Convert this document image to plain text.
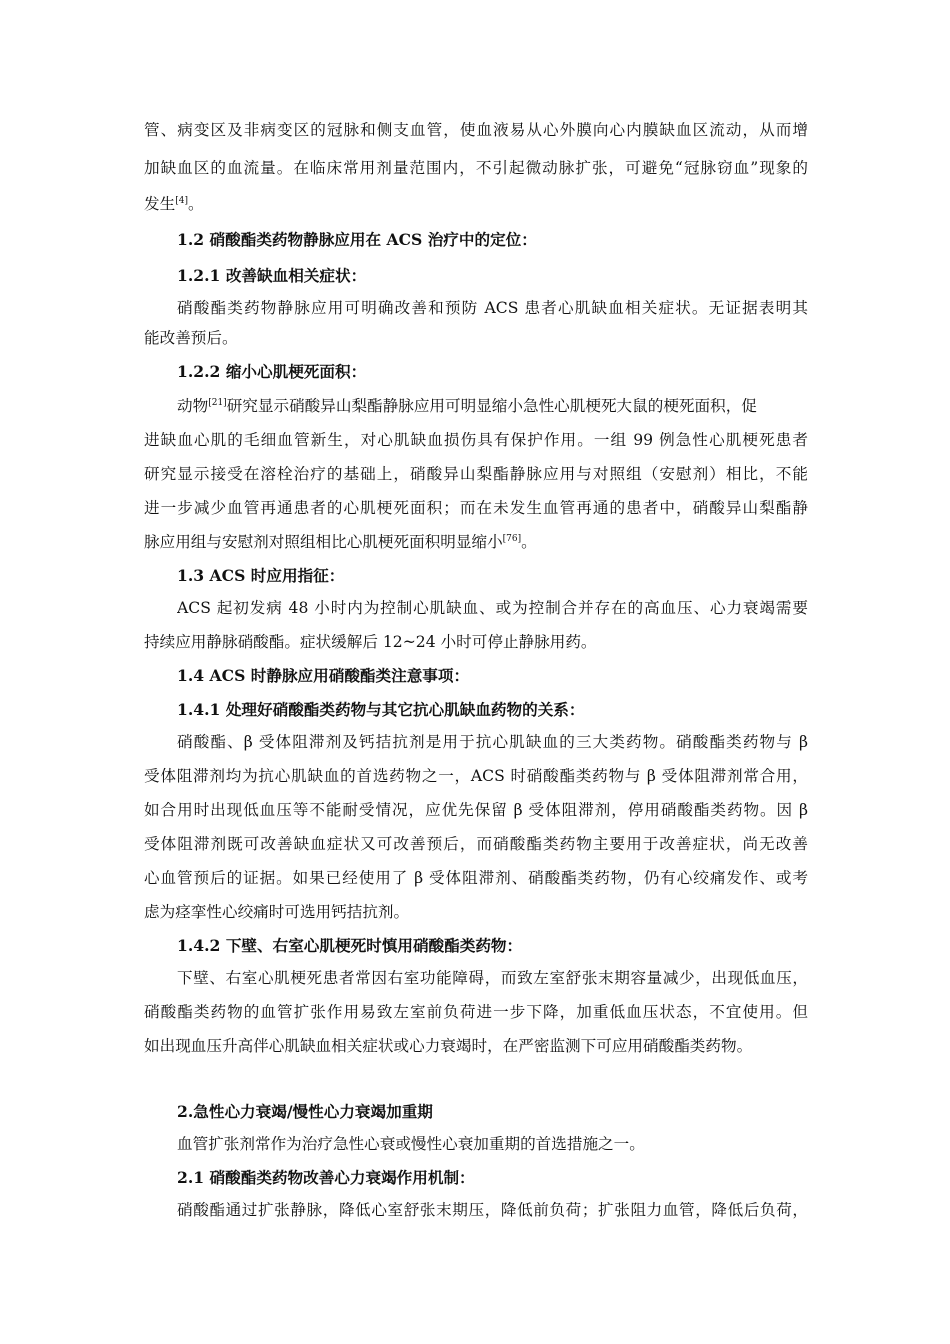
管、病变区及非病变区的冠脉和侧支血管，使血液易从心外膜向心内膜缺血区流动，从而增
加缺血区的血流量。在临床常用剂量范围内，不引起微动脉扩张，可避免“冠脉窃血”现象的
发生[4]。
1.2 硝酸酯类药物静脉应用在 ACS 治疗中的定位：
1.2.1 改善缺血相关症状：
硝酸酯类药物静脉应用可明确改善和预防 ACS 患者心肌缺血相关症状。无证据表明其
能改善预后。
1.2.2 缩小心肌梗死面积：
动物[21]研究显示硝酸异山梨酯静脉应用可明显缩小急性心肌梗死大鼠的梗死面积，促
进缺血心肌的毛细血管新生，对心肌缺血损伤具有保护作用。一组 99 例急性心肌梗死患者
研究显示接受在溶栓治疗的基础上，硝酸异山梨酯静脉应用与对照组（安慰剂）相比，不能
进一步减少血管再通患者的心肌梗死面积；而在未发生血管再通的患者中，硝酸异山梨酯静
脉应用组与安慰剂对照组相比心肌梗死面积明显缩小[76]。
1.3 ACS 时应用指征：
ACS 起初发病 48 小时内为控制心肌缺血、或为控制合并存在的高血压、心力衰竭需要
持续应用静脉硝酸酯。症状缓解后 12~24 小时可停止静脉用药。
1.4 ACS 时静脉应用硝酸酯类注意事项：
1.4.1 处理好硝酸酯类药物与其它抗心肌缺血药物的关系：
硝酸酯、β 受体阻滞剂及钙拮抗剂是用于抗心肌缺血的三大类药物。硝酸酯类药物与 β
受体阻滞剂均为抗心肌缺血的首选药物之一，ACS 时硝酸酯类药物与 β 受体阻滞剂常合用，
如合用时出现低血压等不能耐受情况，应优先保留 β 受体阻滞剂，停用硝酸酯类药物。因 β
受体阻滞剂既可改善缺血症状又可改善预后，而硝酸酯类药物主要用于改善症状，尚无改善
心血管预后的证据。如果已经使用了 β 受体阻滞剂、硝酸酯类药物，仍有心绞痛发作、或考
虑为痉挛性心绞痛时可选用钙拮抗剂。
1.4.2 下壁、右室心肌梗死时慎用硝酸酯类药物：
下壁、右室心肌梗死患者常因右室功能障碍，而致左室舒张末期容量减少，出现低血压，
硝酸酯类药物的血管扩张作用易致左室前负荷进一步下降，加重低血压状态，不宜使用。但
如出现血压升高伴心肌缺血相关症状或心力衰竭时，在严密监测下可应用硝酸酯类药物。
2.急性心力衰竭/慢性心力衰竭加重期
血管扩张剂常作为治疗急性心衰或慢性心衰加重期的首选措施之一。
2.1 硝酸酯类药物改善心力衰竭作用机制：
硝酸酯通过扩张静脉，降低心室舒张末期压，降低前负荷；扩张阻力血管，降低后负荷，
